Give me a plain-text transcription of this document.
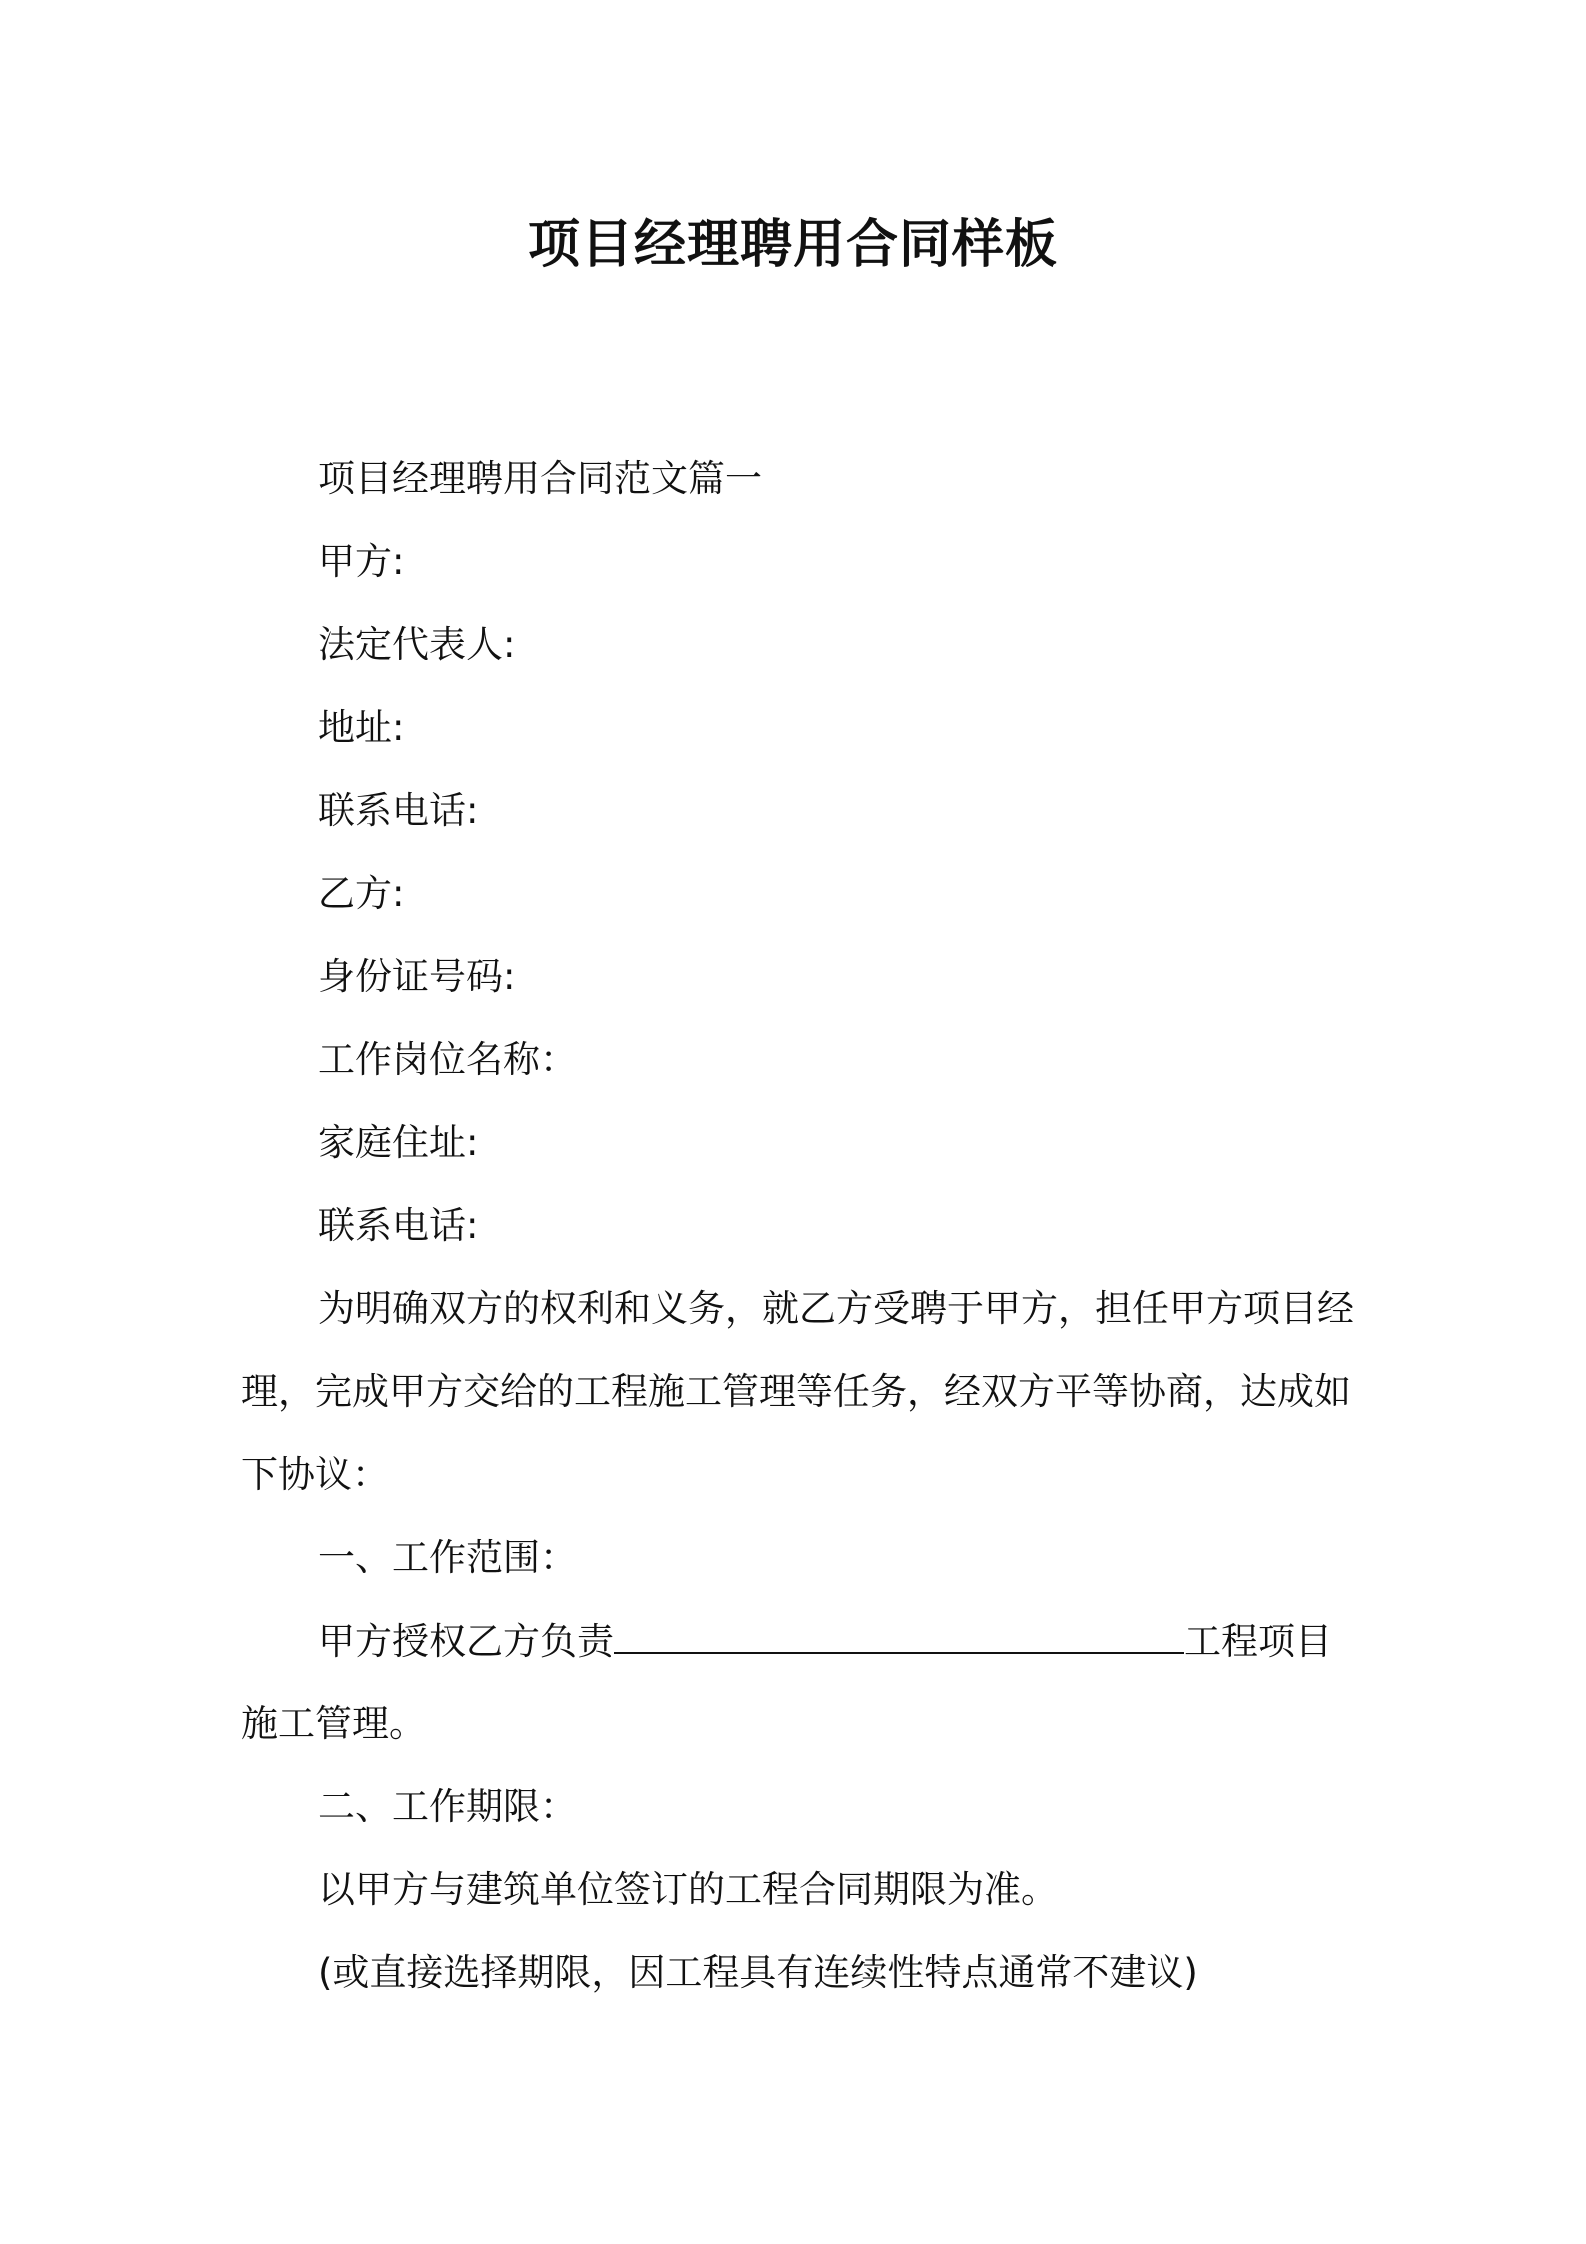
项目经理聘用合同样板
项目经理聘用合同范文篇一
甲方:
法定代表人:
地址:
联系电话:
乙方:
身份证号码:
工作岗位名称：
家庭住址:
联系电话:
为明确双方的权利和义务，就乙方受聘于甲方，担任甲方项目经
理，完成甲方交给的工程施工管理等任务，经双方平等协商，达成如
下协议：
一、工作范围：
甲方授权乙方负责	工程项目
施工管理。
二、工作期限：
以甲方与建筑单位签订的工程合同期限为准。
(或直接选择期限，因工程具有连续性特点通常不建议)
